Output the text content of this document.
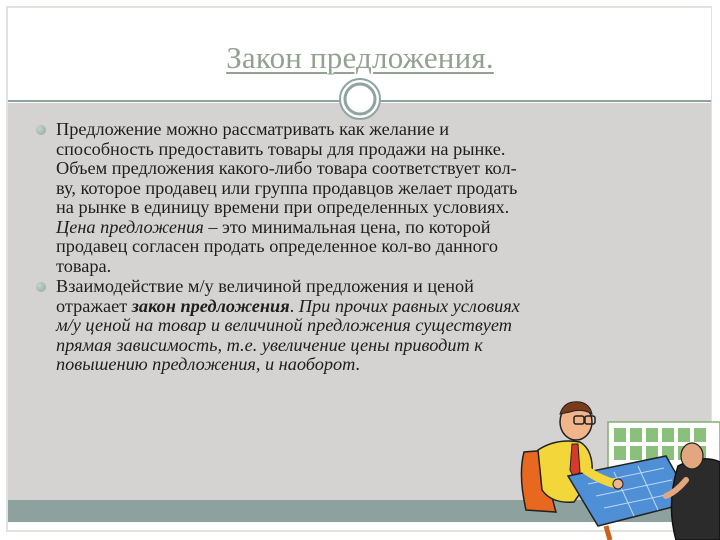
Закон предложения.

Предложение можно рассматривать как желание и способность предоставить товары для продажи на рынке. Объем предложения какого-либо товара соответствует кол-ву, которое продавец или группа продавцов желает продать на рынке в единицу времени при определенных условиях. Цена предложения – это минимальная цена, по которой продавец согласен продать определенное кол-во данного товара.

Взаимодействие м/у величиной предложения и ценой отражает закон предложения. При прочих равных условиях м/у ценой на товар и величиной предложения существует прямая зависимость, т.е. увеличение цены приводит к повышению предложения, и наоборот.
